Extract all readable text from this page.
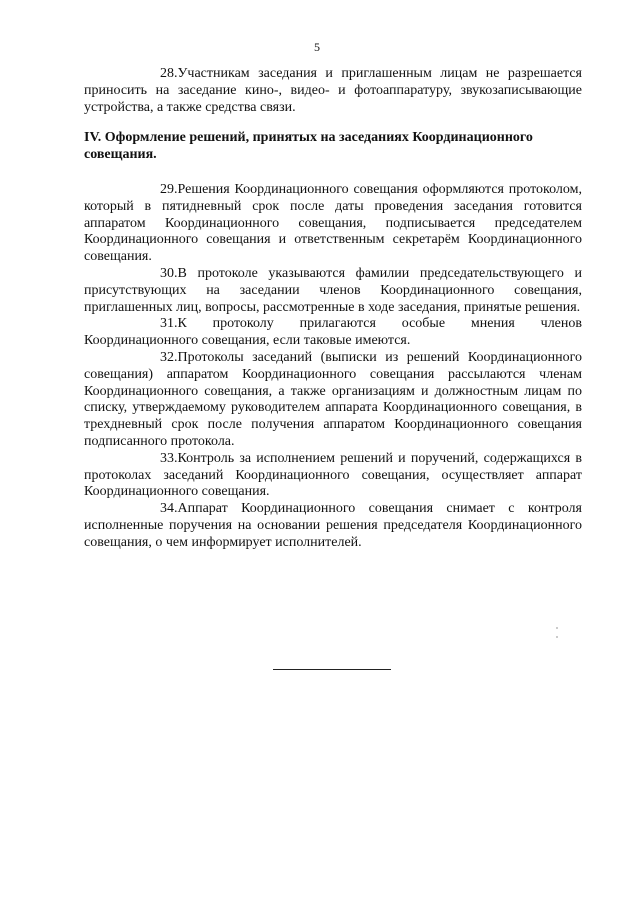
5

28.Участникам заседания и приглашенным лицам не разрешается приносить на заседание кино-, видео- и фотоаппаратуру, звукозаписывающие устройства, а также средства связи.

IV. Оформление решений, принятых на заседаниях Координационного совещания.

29.Решения Координационного совещания оформляются протоколом, который в пятидневный срок после даты проведения заседания готовится аппаратом Координационного совещания, подписывается председателем Координационного совещания и ответственным секретарём Координационного совещания.

30.В протоколе указываются фамилии председательствующего и присутствующих на заседании членов Координационного совещания, приглашенных лиц, вопросы, рассмотренные в ходе заседания, принятые решения.

31.К протоколу прилагаются особые мнения членов Координационного совещания, если таковые имеются.

32.Протоколы заседаний (выписки из решений Координационного совещания) аппаратом Координационного совещания рассылаются членам Координационного совещания, а также организациям и должностным лицам по списку, утверждаемому руководителем аппарата Координационного совещания, в трехдневный срок после получения аппаратом Координационного совещания подписанного протокола.

33.Контроль за исполнением решений и поручений, содержащихся в протоколах заседаний Координационного совещания, осуществляет аппарат Координационного совещания.

34.Аппарат Координационного совещания снимает с контроля исполненные поручения на основании решения председателя Координационного совещания, о чем информирует исполнителей.
